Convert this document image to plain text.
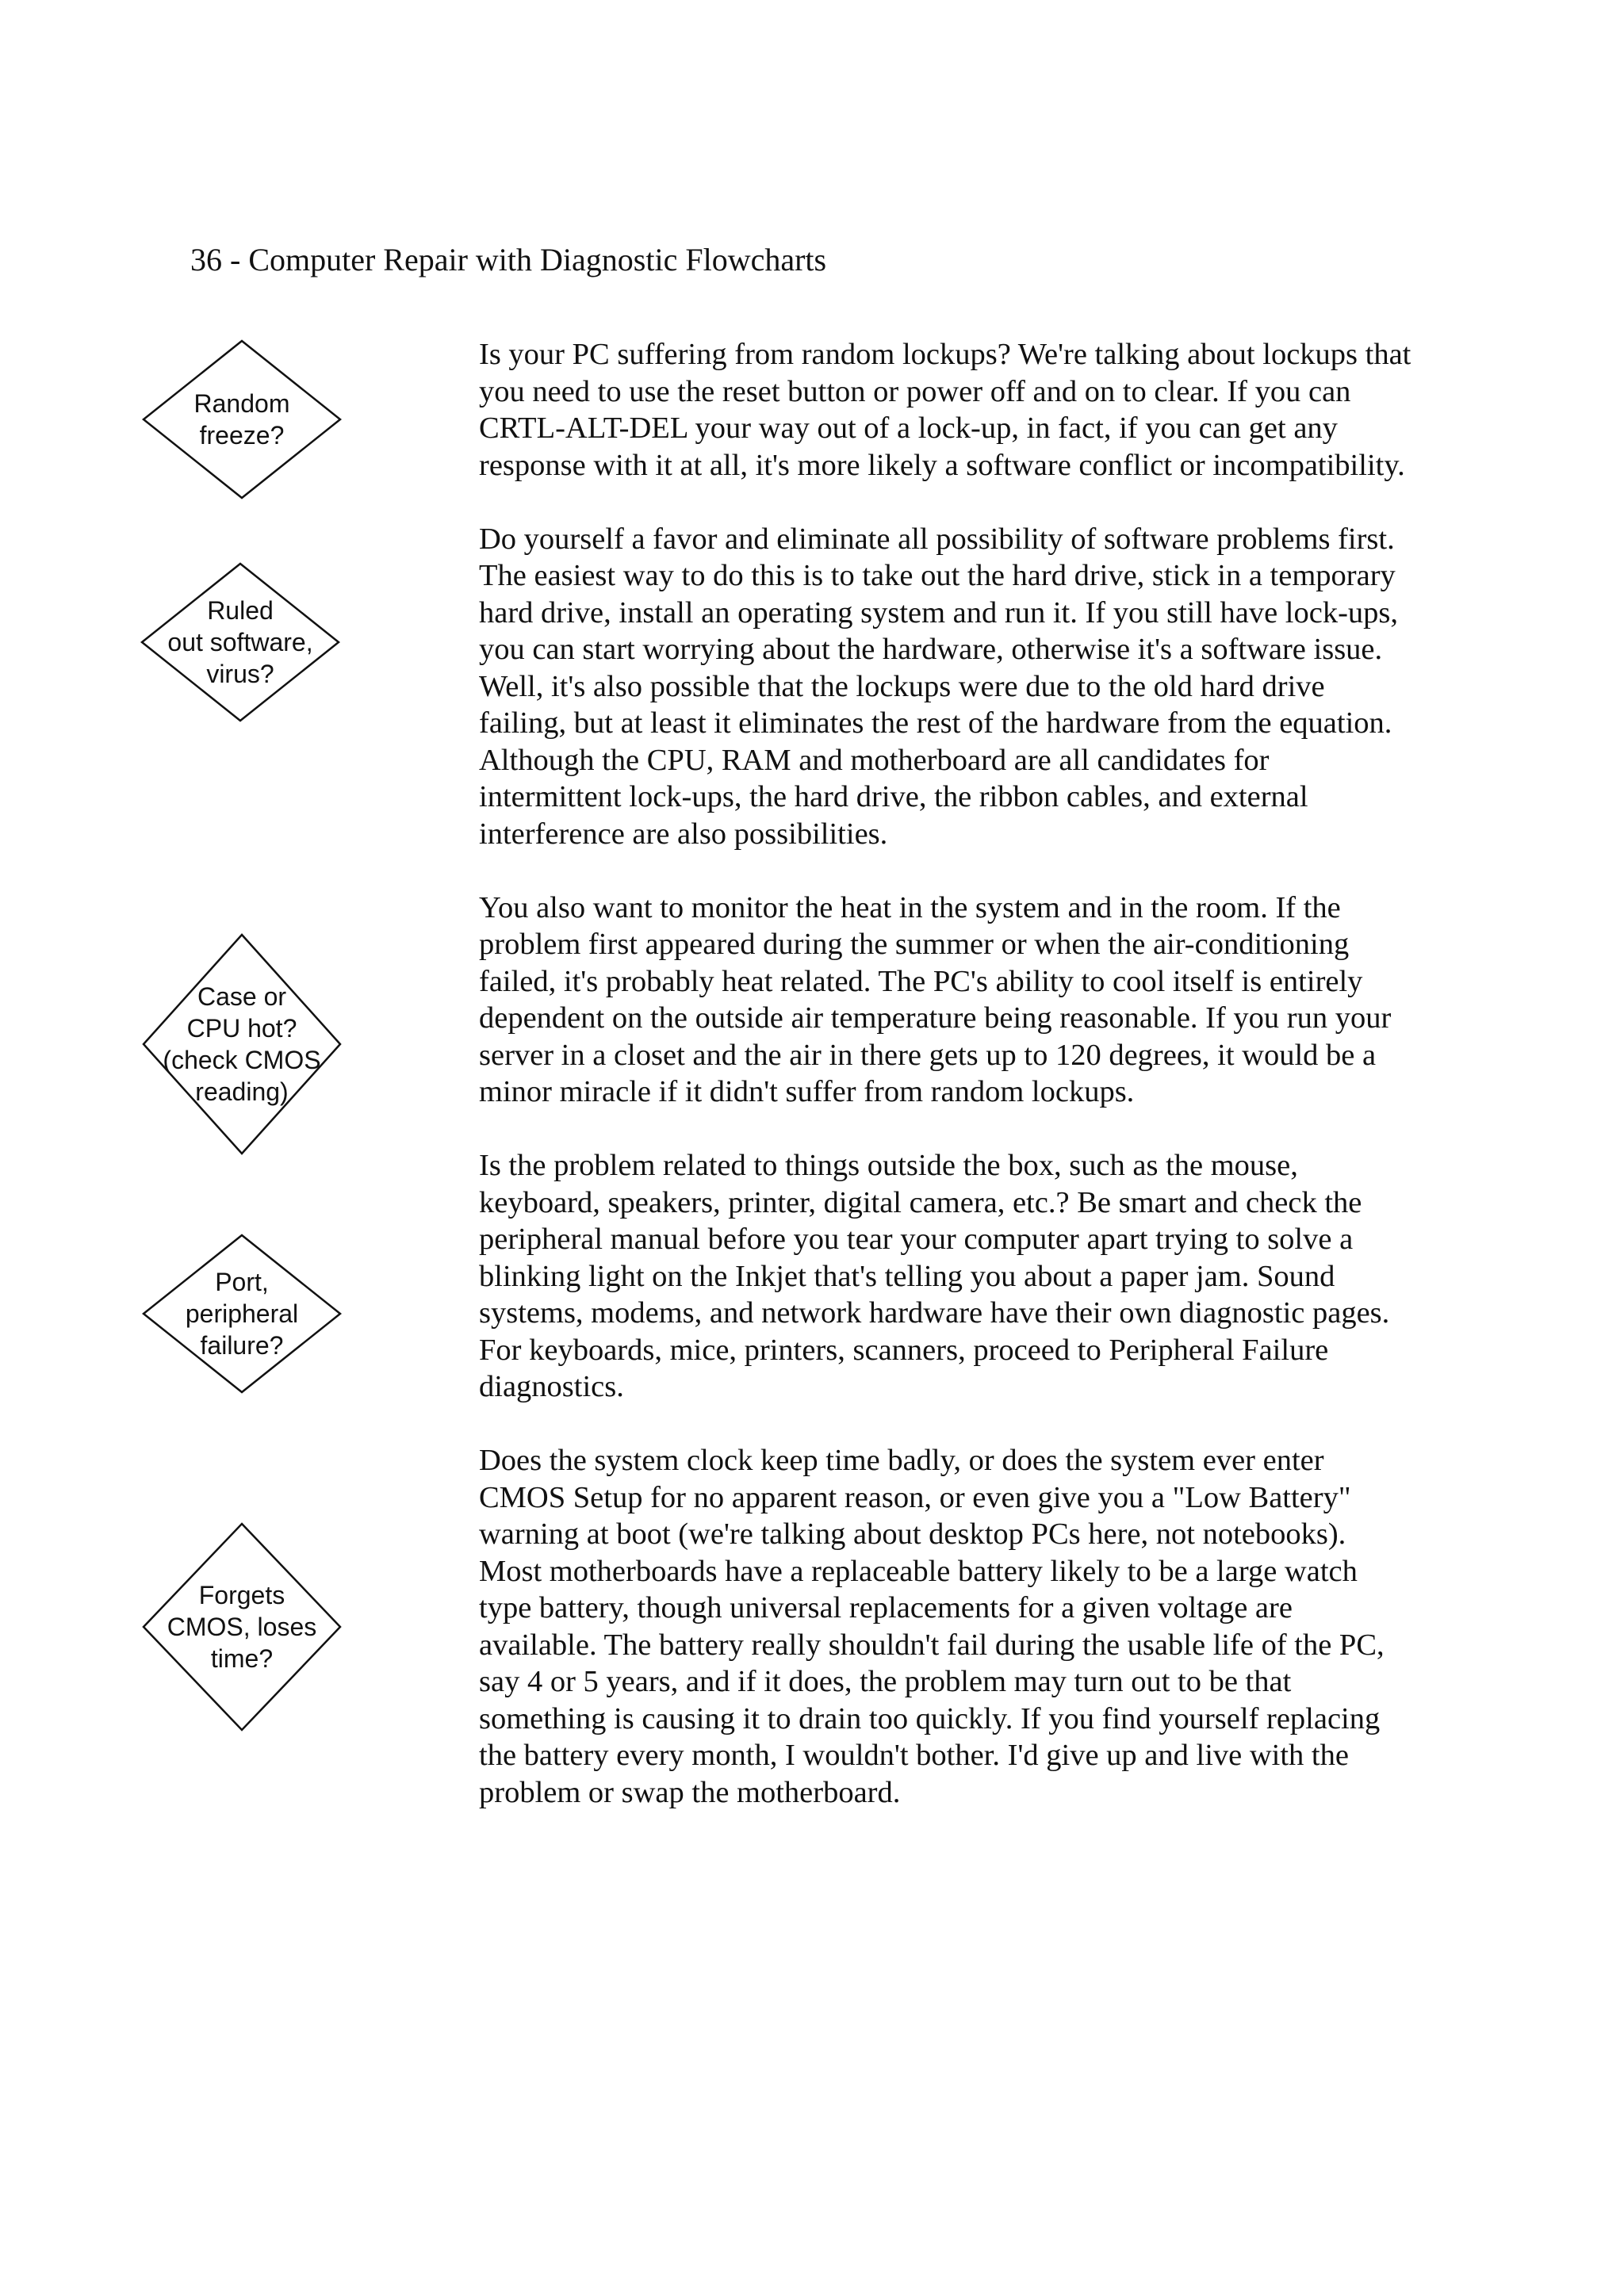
36 - Computer Repair with Diagnostic Flowcharts
Random
freeze?
Ruled
out software,
virus?
Case or
CPU hot?
(check CMOS
reading)
Port,
peripheral
failure?
Forgets
CMOS, loses
time?

Is your PC suffering from random lockups? We're talking about lockups that you need to use the reset button or power off and on to clear. If you can CRTL-ALT-DEL your way out of a lock-up, in fact, if you can get any response with it at all, it's more likely a software conflict or incompatibility.

Do yourself a favor and eliminate all possibility of software problems first. The easiest way to do this is to take out the hard drive, stick in a temporary hard drive, install an operating system and run it. If you still have lock-ups, you can start worrying about the hardware, otherwise it's a software issue. Well, it's also possible that the lockups were due to the old hard drive failing, but at least it eliminates the rest of the hardware from the equation. Although the CPU, RAM and motherboard are all candidates for intermittent lock-ups, the hard drive, the ribbon cables, and external interference are also possibilities.

You also want to monitor the heat in the system and in the room. If the problem first appeared during the summer or when the air-conditioning failed, it's probably heat related. The PC's ability to cool itself is entirely dependent on the outside air temperature being reasonable. If you run your server in a closet and the air in there gets up to 120 degrees, it would be a minor miracle if it didn't suffer from random lockups.

Is the problem related to things outside the box, such as the mouse, keyboard, speakers, printer, digital camera, etc.? Be smart and check the peripheral manual before you tear your computer apart trying to solve a blinking light on the Inkjet that's telling you about a paper jam. Sound systems, modems, and network hardware have their own diagnostic pages. For keyboards, mice, printers, scanners, proceed to Peripheral Failure diagnostics.

Does the system clock keep time badly, or does the system ever enter CMOS Setup for no apparent reason, or even give you a "Low Battery" warning at boot (we're talking about desktop PCs here, not notebooks). Most motherboards have a replaceable battery likely to be a large watch type battery, though universal replacements for a given voltage are available. The battery really shouldn't fail during the usable life of the PC, say 4 or 5 years, and if it does, the problem may turn out to be that something is causing it to drain too quickly. If you find yourself replacing the battery every month, I wouldn't bother. I'd give up and live with the problem or swap the motherboard.
